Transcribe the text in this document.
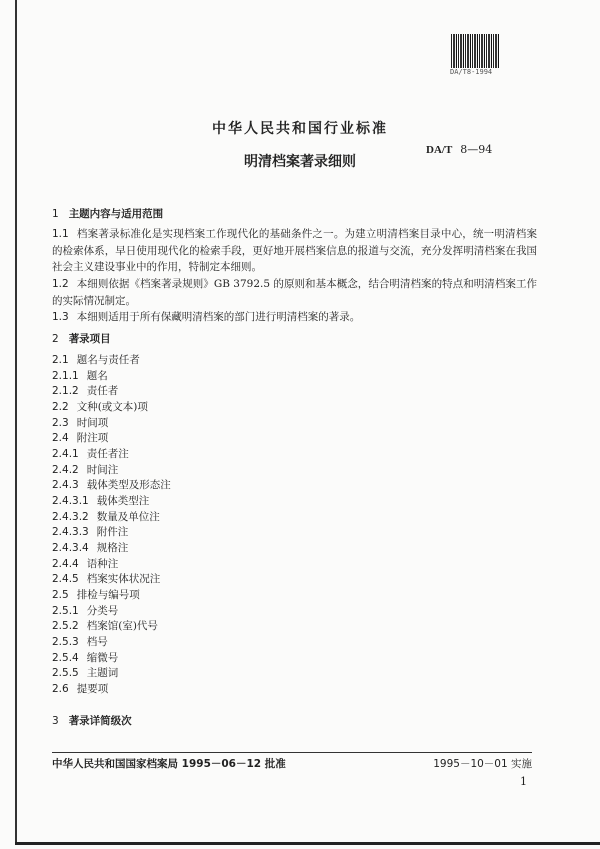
DA/T8-1994
中华人民共和国行业标准
DA/T 8—94
明清档案著录细则
1 主题内容与适用范围
1.1 档案著录标准化是实现档案工作现代化的基础条件之一。为建立明清档案目录中心，统一明清档案的检索体系，早日使用现代化的检索手段，更好地开展档案信息的报道与交流，充分发挥明清档案在我国社会主义建设事业中的作用，特制定本细则。
1.2 本细则依据《档案著录规则》GB 3792.5 的原则和基本概念，结合明清档案的特点和明清档案工作的实际情况制定。
1.3 本细则适用于所有保藏明清档案的部门进行明清档案的著录。
2 著录项目
2.1 题名与责任者
2.1.1 题名
2.1.2 责任者
2.2 文种(或文本)项
2.3 时间项
2.4 附注项
2.4.1 责任者注
2.4.2 时间注
2.4.3 载体类型及形态注
2.4.3.1 载体类型注
2.4.3.2 数量及单位注
2.4.3.3 附件注
2.4.3.4 规格注
2.4.4 语种注
2.4.5 档案实体状况注
2.5 排检与编号项
2.5.1 分类号
2.5.2 档案馆(室)代号
2.5.3 档号
2.5.4 缩微号
2.5.5 主题词
2.6 提要项
3 著录详简级次
中华人民共和国国家档案局 1995－06－12 批准	1995－10－01 实施
1
